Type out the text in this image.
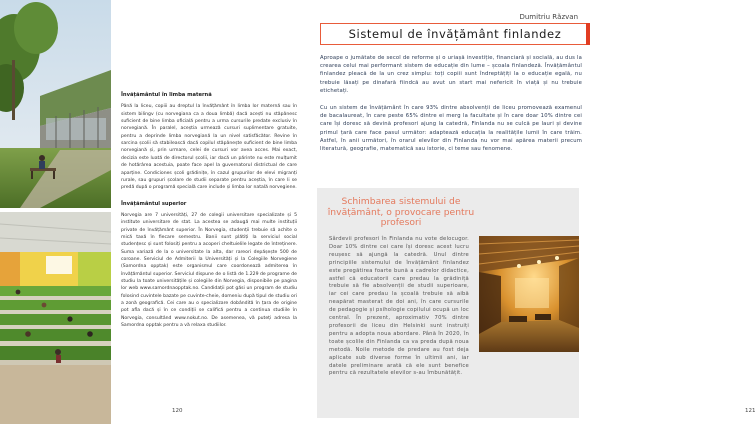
Învățământul în limba maternă
Până la liceu, copiii au dreptul la învățământ în limba lor maternă sau în sistem bilingv (cu norvegiana ca a doua limbă) dacă acești nu stăpânesc suficient de bine limba oficială pentru a urma cursurile predate exclusiv în norvegiană. În paralel, aceștia urmează cursuri suplimentare gratuite, pentru a deprinde limba norvegiană la un nivel satisfăcător. Revine în sarcina școlii să stabilească dacă copilul stăpânește suficient de bine limba norvegiană și, prin urmare, celei de cursuri vor avea acces. Mai exact, decizia este luată de directorul școlii, iar dacă un părinte nu este mulțumit de hotărârea acestuia, poate face apel la guvernatorul districtual de care aparține. Condiciones școli grădinițe, în cazul grupurilor de elevi migranți rurale, sau grupuri școlare de studii separate pentru aceștia, în care li se predă după o programă specială care include și limba lor natală norvegiene.
Învățământul superior
Norvegia are 7 universități, 27 de colegii universitare specializate și 5 institute universitare de stat. La acestea se adaugă mai multe instituții private de învățământ superior. În Norvegia, studenții trebuie să achite o mică taxă în fiecare semestru. Banii sunt plătiți la serviciul social studențesc și sunt folosiți pentru a acoperi cheltuielile legate de întreținere. Suma variază de la o universitate la alta, dar rareori depășește 500 de coroane. Serviciul de Admiterii la Universități și la Colegiile Norvegiene (Samordna opptak) este organismul care coordonează admiterea în învățământul superior. Serviciul dispune de o listă de 1.229 de programe de studiu la toate universitățile și colegiile din Norvegia, disponibile pe pagina lor web www.samordnaopptak.no. Candidații pot găsi un program de studiu folosind cuvintele bazate pe cuvinte-cheie, domeniu după tipul de studiu ori a zonă geografică. Cei care au o specializare dobândită în țara de origine pot afla dacă și în ce condiții se califică pentru a continua studiile în Norvegia, consultând www.nokut.no. De asemenea, vă puteți adresa la Samordna opptak pentru a vă relaxa studiilor.
120
Dumitriu Răzvan
Sistemul de învățământ finlandez

Aproape o jumătate de secol de reforme și o uriașă investiție, financiară și socială, au dus la crearea celui mai performant sistem de educație din lume – școala finlandeză. Învățământul finlandez pleacă de la un crez simplu: toți copiii sunt îndreptățiți la o educație egală, nu trebuie lăsați pe dinafară fiindcă au avut un start mai nefericit în viață și nu trebuie etichetați.

Cu un sistem de învățământ în care 93% dintre absolvenții de liceu promovează examenul de bacalaureat, în care peste 65% dintre ei merg la facultate și în care doar 10% dintre cei care își doresc să devină profesori ajung la catedră, Finlanda nu se culcă pe lauri și devine primul țară care face pasul următor: adaptează educația la realitățile lumii în care trăim. Astfel, în anii următori, în orarul elevilor din Finlanda nu vor mai apărea materii precum literatură, geografie, matematică sau istorie, ci teme sau fenomene.

Schimbarea sistemului de învățământ, o provocare pentru profesori
Sârdevii profesori în Finlanda nu vote delocugor. Doar 10% dintre cei care își doresc acest lucru reușesc să ajungă la catedră. Unul dintre principiile sistemului de învățământ finlandez este pregătirea foarte bună a cadrelor didactice, astfel că educatorii care predau la grădiniță trebuie să fie absolvenții de studii superioare, iar cei care predau la școală trebuie să aibă neapărat masterat de doi ani, în care cursurile de pedagogie și psihologie copilului ocupă un loc central. În prezent, aproximativ 70% dintre profesorii de liceu din Helsinki sunt instruiți pentru a adopta noua abordare. Până în 2020, în toate școlile din Finlanda ca va preda după noua metodă. Noile metode de predare au fost deja aplicate sub diverse forme în ultimii ani, iar datele preliminare arată că ele sunt benefice pentru că rezultatele elevilor s-au îmbunătățit.
121
